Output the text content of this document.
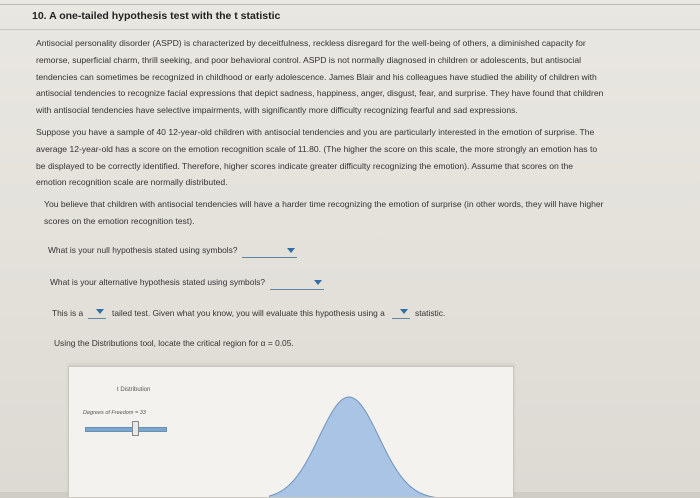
10. A one-tailed hypothesis test with the t statistic
Antisocial personality disorder (ASPD) is characterized by deceitfulness, reckless disregard for the well-being of others, a diminished capacity for
remorse, superficial charm, thrill seeking, and poor behavioral control. ASPD is not normally diagnosed in children or adolescents, but antisocial
tendencies can sometimes be recognized in childhood or early adolescence. James Blair and his colleagues have studied the ability of children with
antisocial tendencies to recognize facial expressions that depict sadness, happiness, anger, disgust, fear, and surprise. They have found that children
with antisocial tendencies have selective impairments, with significantly more difficulty recognizing fearful and sad expressions.
Suppose you have a sample of 40 12-year-old children with antisocial tendencies and you are particularly interested in the emotion of surprise. The
average 12-year-old has a score on the emotion recognition scale of 11.80. (The higher the score on this scale, the more strongly an emotion has to
be displayed to be correctly identified. Therefore, higher scores indicate greater difficulty recognizing the emotion). Assume that scores on the
emotion recognition scale are normally distributed.
You believe that children with antisocial tendencies will have a harder time recognizing the emotion of surprise (in other words, they will have higher
scores on the emotion recognition test).
What is your null hypothesis stated using symbols?
What is your alternative hypothesis stated using symbols?
This is a	tailed test. Given what you know, you will evaluate this hypothesis using a	statistic.
Using the Distributions tool, locate the critical region for α = 0.05.
t Distribution
Degrees of Freedom = 33
